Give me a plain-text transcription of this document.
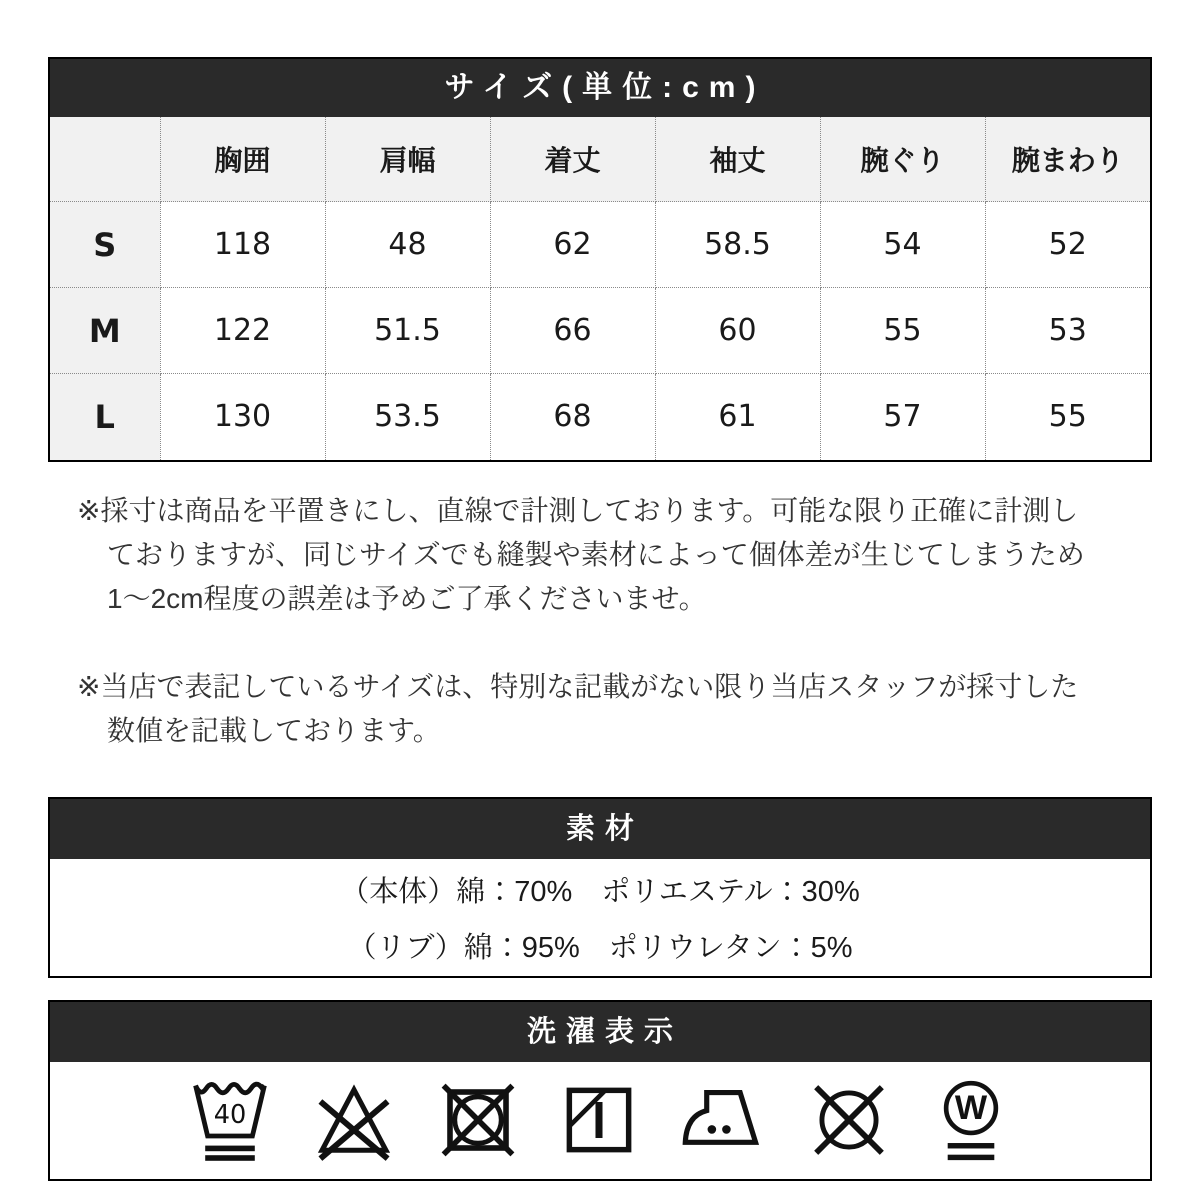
サイズ(単位:cm)
	胸囲	肩幅	着丈	袖丈	腕ぐり	腕まわり
S	118	48	62	58.5	54	52
M	122	51.5	66	60	55	53
L	130	53.5	68	61	57	55
※採寸は商品を平置きにし、直線で計測しております。可能な限り正確に計測し
ておりますが、同じサイズでも縫製や素材によって個体差が生じてしまうため
1～2cm程度の誤差は予めご了承くださいませ。
※当店で表記しているサイズは、特別な記載がない限り当店スタッフが採寸した
数値を記載しております。
素材
（本体）綿：70%　ポリエステル：30%
（リブ）綿：95%　ポリウレタン：5%
洗濯表示
40	W
